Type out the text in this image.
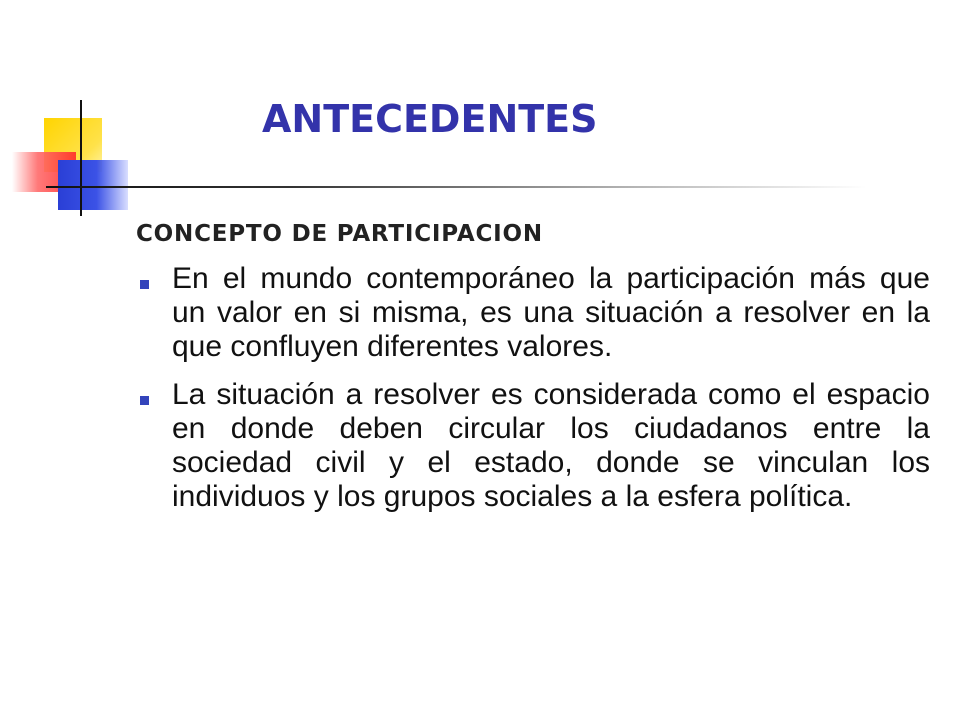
ANTECEDENTES
CONCEPTO DE PARTICIPACION
En el mundo contemporáneo la participación más que un valor en si misma, es una situación a resolver en la que confluyen diferentes valores.
La situación a resolver es considerada como el espacio en donde deben circular los ciudadanos entre la sociedad civil y el estado, donde se vinculan los individuos y los grupos sociales a la esfera política.
